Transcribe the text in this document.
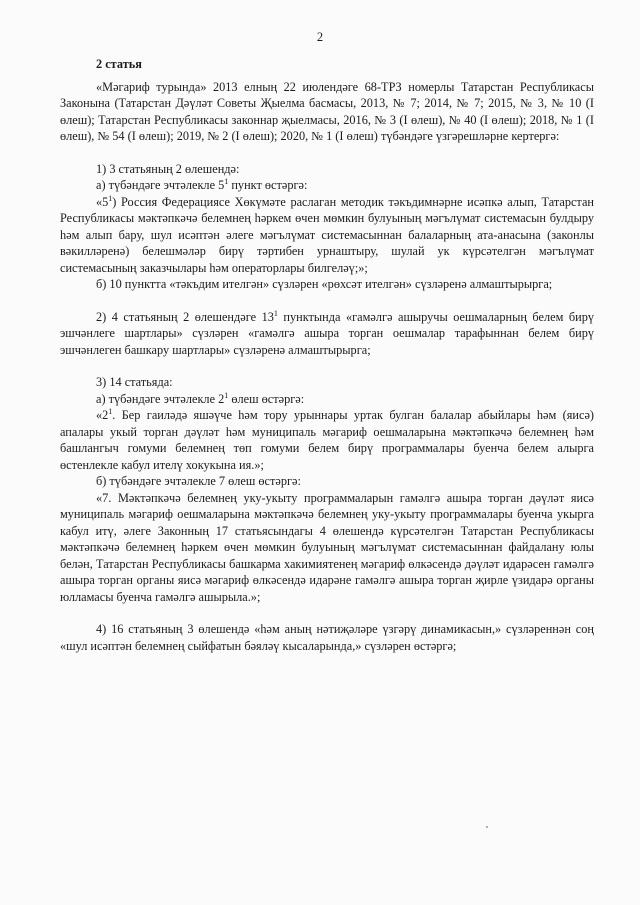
2

2 статья

«Мәгариф турында» 2013 елның 22 июлендәге 68-ТРЗ номерлы Татарстан Республикасы Законына (Татарстан Дәүләт Советы Җыелма басмасы, 2013, № 7; 2014, № 7; 2015, № 3, № 10 (I өлеш); Татарстан Республикасы законнар җыелмасы, 2016, № 3 (I өлеш), № 40 (I өлеш); 2018, № 1 (I өлеш), № 54 (I өлеш); 2019, № 2 (I өлеш); 2020, № 1 (I өлеш) түбәндәге үзгәрешләрне кертергә:

1) 3 статьяның 2 өлешендә:

а) түбәндәге эчтәлекле $5^1$ пункт өстәргә:

«$5^1$) Россия Федерациясе Хөкүмәте раслаган методик тәкъдимнәрне исәпкә алып, Татарстан Республикасы мәктәпкәчә белемнең һәркем өчен мөмкин булуының мәгълүмат системасын булдыру һәм алып бару, шул исәптән әлеге мәгълүмат системасыннан балаларның ата-анасына (законлы вәкилләренә) белешмәләр бирү тәртибен урнаштыру, шулай ук күрсәтелгән мәгълүмат системасының заказчылары һәм операторлары билгеләү;»;

б) 10 пунктта «тәкъдим ителгән» сүзләрен «рөхсәт ителгән» сүзләренә алмаштырырга;

2) 4 статьяның 2 өлешендәге $13^1$ пунктында «гамәлгә ашыручы оешмаларның белем бирү эшчәнлеге шартлары» сүзләрен «гамәлгә ашыра торган оешмалар тарафыннан белем бирү эшчәнлеген башкару шартлары» сүзләренә алмаштырырга;

3) 14 статьяда:

а) түбәндәге эчтәлекле $2^1$ өлеш өстәргә:

«$2^1$. Бер гаиләдә яшәүче һәм тору урыннары уртак булган балалар абыйлары һәм (яисә) апалары укый торган дәүләт һәм муниципаль мәгариф оешмаларына мәктәпкәчә белемнең һәм башлангыч гомуми белемнең төп гомуми белем бирү программалары буенча белем алырга өстенлекле кабул ителү хокукына ия.»;

б) түбәндәге эчтәлекле 7 өлеш өстәргә:

«7. Мәктәпкәчә белемнең уку-укыту программаларын гамәлгә ашыра торган дәүләт яисә муниципаль мәгариф оешмаларына мәктәпкәчә белемнең уку-укыту программалары буенча укырга кабул итү, әлеге Законның 17 статьясындагы 4 өлешендә күрсәтелгән Татарстан Республикасы мәктәпкәчә белемнең һәркем өчен мөмкин булуының мәгълүмат системасыннан файдалану юлы белән, Татарстан Республикасы башкарма хакимиятенең мәгариф өлкәсендә дәүләт идарәсен гамәлгә ашыра торган органы яисә мәгариф өлкәсендә идарәне гамәлгә ашыра торган җирле үзидарә органы юлламасы буенча гамәлгә ашырыла.»;

4) 16 статьяның 3 өлешендә «һәм аның нәтиҗәләре үзгәрү динамикасын,» сүзләреннән соң «шул исәптән белемнең сыйфатын бәяләү кысаларында,» сүзләрен өстәргә;
